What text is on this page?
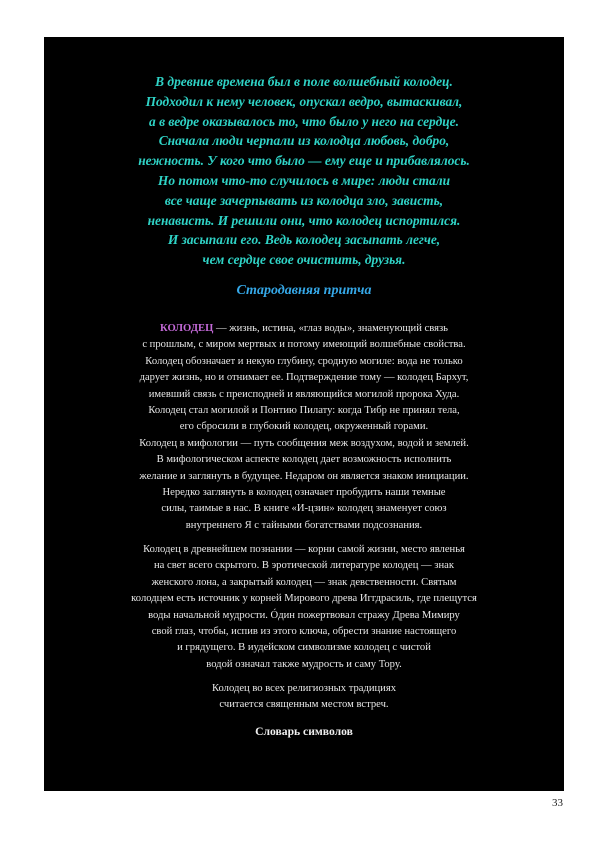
В древние времена был в поле волшебный колодец.
Подходил к нему человек, опускал ведро, вытаскивал,
а в ведре оказывалось то, что было у него на сердце.
Сначала люди черпали из колодца любовь, добро,
нежность. У кого что было — ему еще и прибавлялось.
Но потом что-то случилось в мире: люди стали
все чаще зачерпывать из колодца зло, зависть,
ненависть. И решили они, что колодец испортился.
И засыпали его. Ведь колодец засыпать легче,
чем сердце свое очистить, друзья.
Стародавняя притча
КОЛОДЕЦ — жизнь, истина, «глаз воды», знаменующий связь
с прошлым, с миром мертвых и потому имеющий волшебные свойства.
Колодец обозначает и некую глубину, сродную могиле: вода не только
дарует жизнь, но и отнимает ее. Подтверждение тому — колодец Бархут,
имевший связь с преисподней и являющийся могилой пророка Худа.
Колодец стал могилой и Понтию Пилату: когда Тибр не принял тела,
его сбросили в глубокий колодец, окруженный горами.
Колодец в мифологии — путь сообщения меж воздухом, водой и землей.
В мифологическом аспекте колодец дает возможность исполнить
желание и заглянуть в будущее. Недаром он является знаком инициации.
Нередко заглянуть в колодец означает пробудить наши темные
силы, таимые в нас. В книге «И-цзин» колодец знаменует союз
внутреннего Я с тайными богатствами подсознания.
Колодец в древнейшем познании — корни самой жизни, место явленья
на свет всего скрытого. В эротической литературе колодец — знак
женского лона, а закрытый колодец — знак девственности. Святым
колодцем есть источник у корней Мирового древа Иггдрасиль, где плещутся
воды начальной мудрости. Óдин пожертвовал стражу Древа Мимиру
свой глаз, чтобы, испив из этого ключа, обрести знание настоящего
и грядущего. В иудейском символизме колодец с чистой
водой означал также мудрость и саму Тору.
Колодец во всех религиозных традициях
считается священным местом встреч.
Словарь символов
33
